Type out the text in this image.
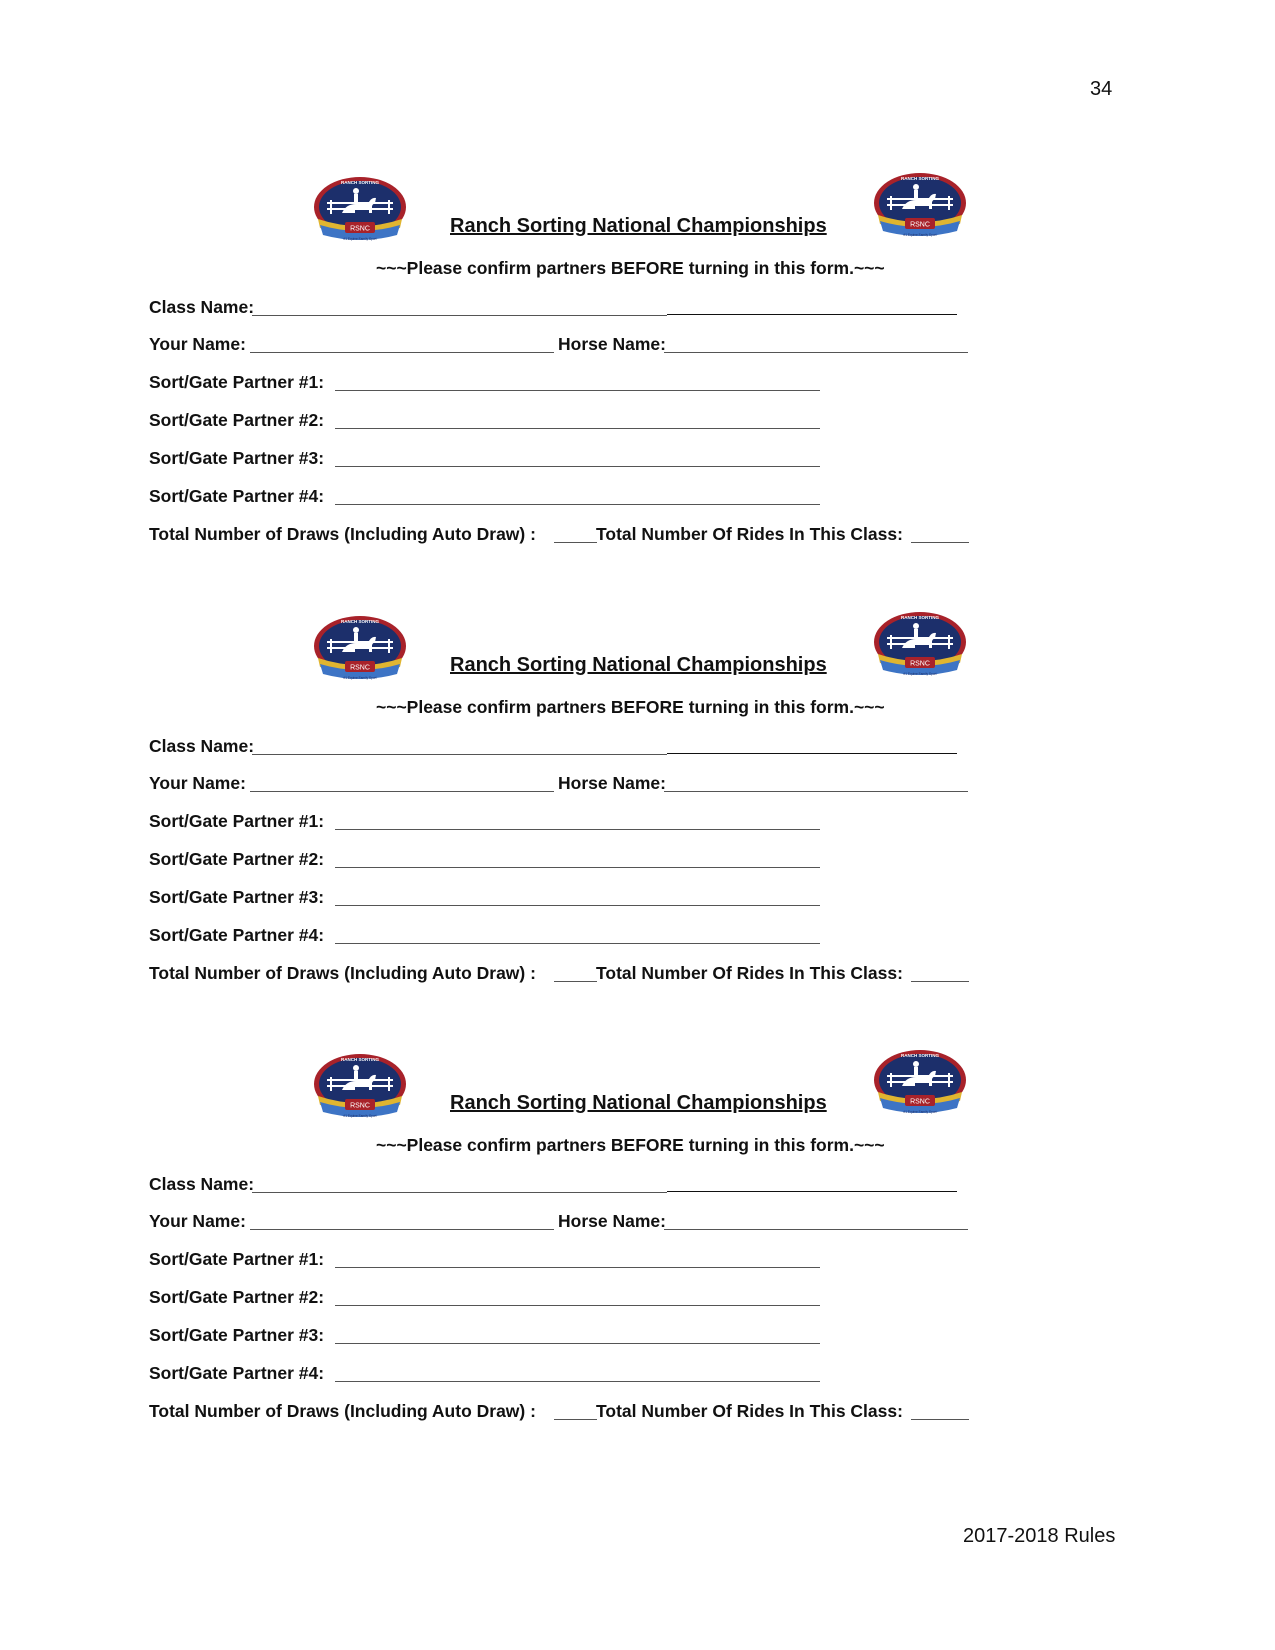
34
RSNC
RANCH SORTING
#1 Equine Family Sport
RSNC
RANCH SORTING
#1 Equine Family Sport
Ranch Sorting National Championships
~~~Please confirm partners BEFORE turning in this form.~~~
Class Name:
Your Name:	Horse Name:
Sort/Gate Partner #1:
Sort/Gate Partner #2:
Sort/Gate Partner #3:
Sort/Gate Partner #4:
Total Number of Draws (Including Auto Draw) :	Total Number Of Rides In This Class:
RSNC
RANCH SORTING
#1 Equine Family Sport
RSNC
RANCH SORTING
#1 Equine Family Sport
Ranch Sorting National Championships
~~~Please confirm partners BEFORE turning in this form.~~~
Class Name:
Your Name:	Horse Name:
Sort/Gate Partner #1:
Sort/Gate Partner #2:
Sort/Gate Partner #3:
Sort/Gate Partner #4:
Total Number of Draws (Including Auto Draw) :	Total Number Of Rides In This Class:
RSNC
RANCH SORTING
#1 Equine Family Sport
RSNC
RANCH SORTING
#1 Equine Family Sport
Ranch Sorting National Championships
~~~Please confirm partners BEFORE turning in this form.~~~
Class Name:
Your Name:	Horse Name:
Sort/Gate Partner #1:
Sort/Gate Partner #2:
Sort/Gate Partner #3:
Sort/Gate Partner #4:
Total Number of Draws (Including Auto Draw) :	Total Number Of Rides In This Class:
2017-2018 Rules
